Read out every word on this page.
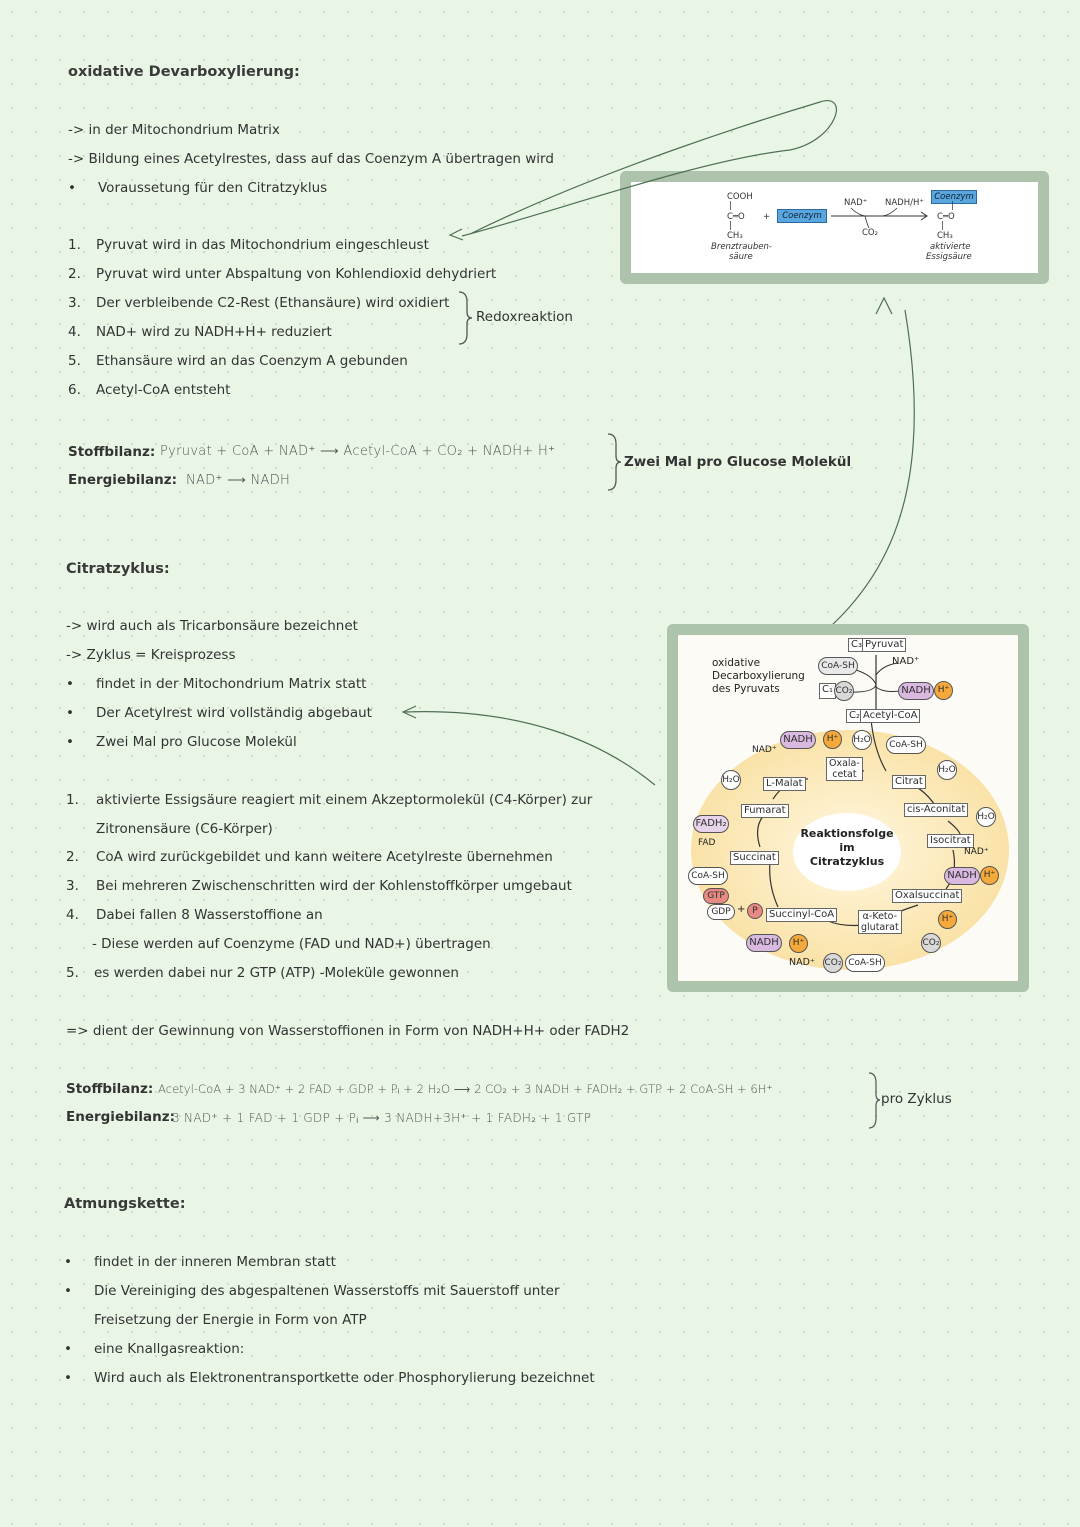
oxidative Devarboxylierung:
-> in der Mitochondrium Matrix
-> Bildung eines Acetylrestes, dass auf das Coenzym A übertragen wird
• Voraussetung für den Citratzyklus
1. Pyruvat wird in das Mitochondrium eingeschleust
2. Pyruvat wird unter Abspaltung von Kohlendioxid dehydriert
3. Der verbleibende C2-Rest (Ethansäure) wird oxidiert
4. NAD+ wird zu NADH+H+ reduziert
5. Ethansäure wird an das Coenzym A gebunden
6. Acetyl-CoA entsteht
Redoxreaktion
Stoffbilanz: Pyruvat + CoA + NAD⁺ ⟶ Acetyl-CoA + CO₂ + NADH+ H⁺
Energiebilanz: NAD⁺ ⟶ NADH
Zwei Mal pro Glucose Molekül
COOH
|
C═O +
|
CH₃
Brenztrauben-
säure
Coenzym
NAD⁺ NADH/H⁺
CO₂
Coenzym
|
C═O
|
CH₃
aktivierte
Essigsäure
Citratzyklus:
-> wird auch als Tricarbonsäure bezeichnet
-> Zyklus = Kreisprozess
• findet in der Mitochondrium Matrix statt
• Der Acetylrest wird vollständig abgebaut
• Zwei Mal pro Glucose Molekül
1. aktivierte Essigsäure reagiert mit einem Akzeptormolekül (C4-Körper) zur
Zitronensäure (C6-Körper)
2. CoA wird zurückgebildet und kann weitere Acetylreste übernehmen
3. Bei mehreren Zwischenschritten wird der Kohlenstoffkörper umgebaut
4. Dabei fallen 8 Wasserstoffione an
- Diese werden auf Coenzyme (FAD und NAD+) übertragen
5. es werden dabei nur 2 GTP (ATP) -Moleküle gewonnen
=> dient der Gewinnung von Wasserstoffionen in Form von NADH+H+ oder FADH2
Stoffbilanz: Acetyl-CoA + 3 NAD⁺ + 2 FAD + GDP + Pᵢ + 2 H₂O ⟶ 2 CO₂ + 3 NADH + FADH₂ + GTP + 2 CoA-SH + 6H⁺
Energiebilanz:
3 NAD⁺ + 1 FAD + 1 GDP + Pᵢ ⟶ 3 NADH+3H⁺ + 1 FADH₂ + 1 GTP
pro Zyklus
oxidative
Decarboxylierung
des Pyruvats
C₃ Pyruvat
CoA-SH	NAD⁺
C₁ CO₂	NADH H⁺
C₂ Acetyl-CoA
NAD⁺
NADH	H⁺	H₂O	CoA-SH
Oxala-
cetat
H₂O	L-Malat	Citrat
H₂O
Fumarat	cis-Aconitat
H₂O
FADH₂
FAD
Reaktionsfolge
im
Citratzyklus
Isocitrat
NAD⁺
Succinat
CoA-SH	NADH H⁺
GTP
GDP + P
Oxalsuccinat
H⁺
Succinyl-CoA	α-Keto-
glutarat
CO₂
NADH	H⁺
NAD⁺ CO₂ CoA-SH
Atmungskette:
• findet in der inneren Membran statt
• Die Vereiniging des abgespaltenen Wasserstoffs mit Sauerstoff unter
Freisetzung der Energie in Form von ATP
• eine Knallgasreaktion:
• Wird auch als Elektronentransportkette oder Phosphorylierung bezeichnet
